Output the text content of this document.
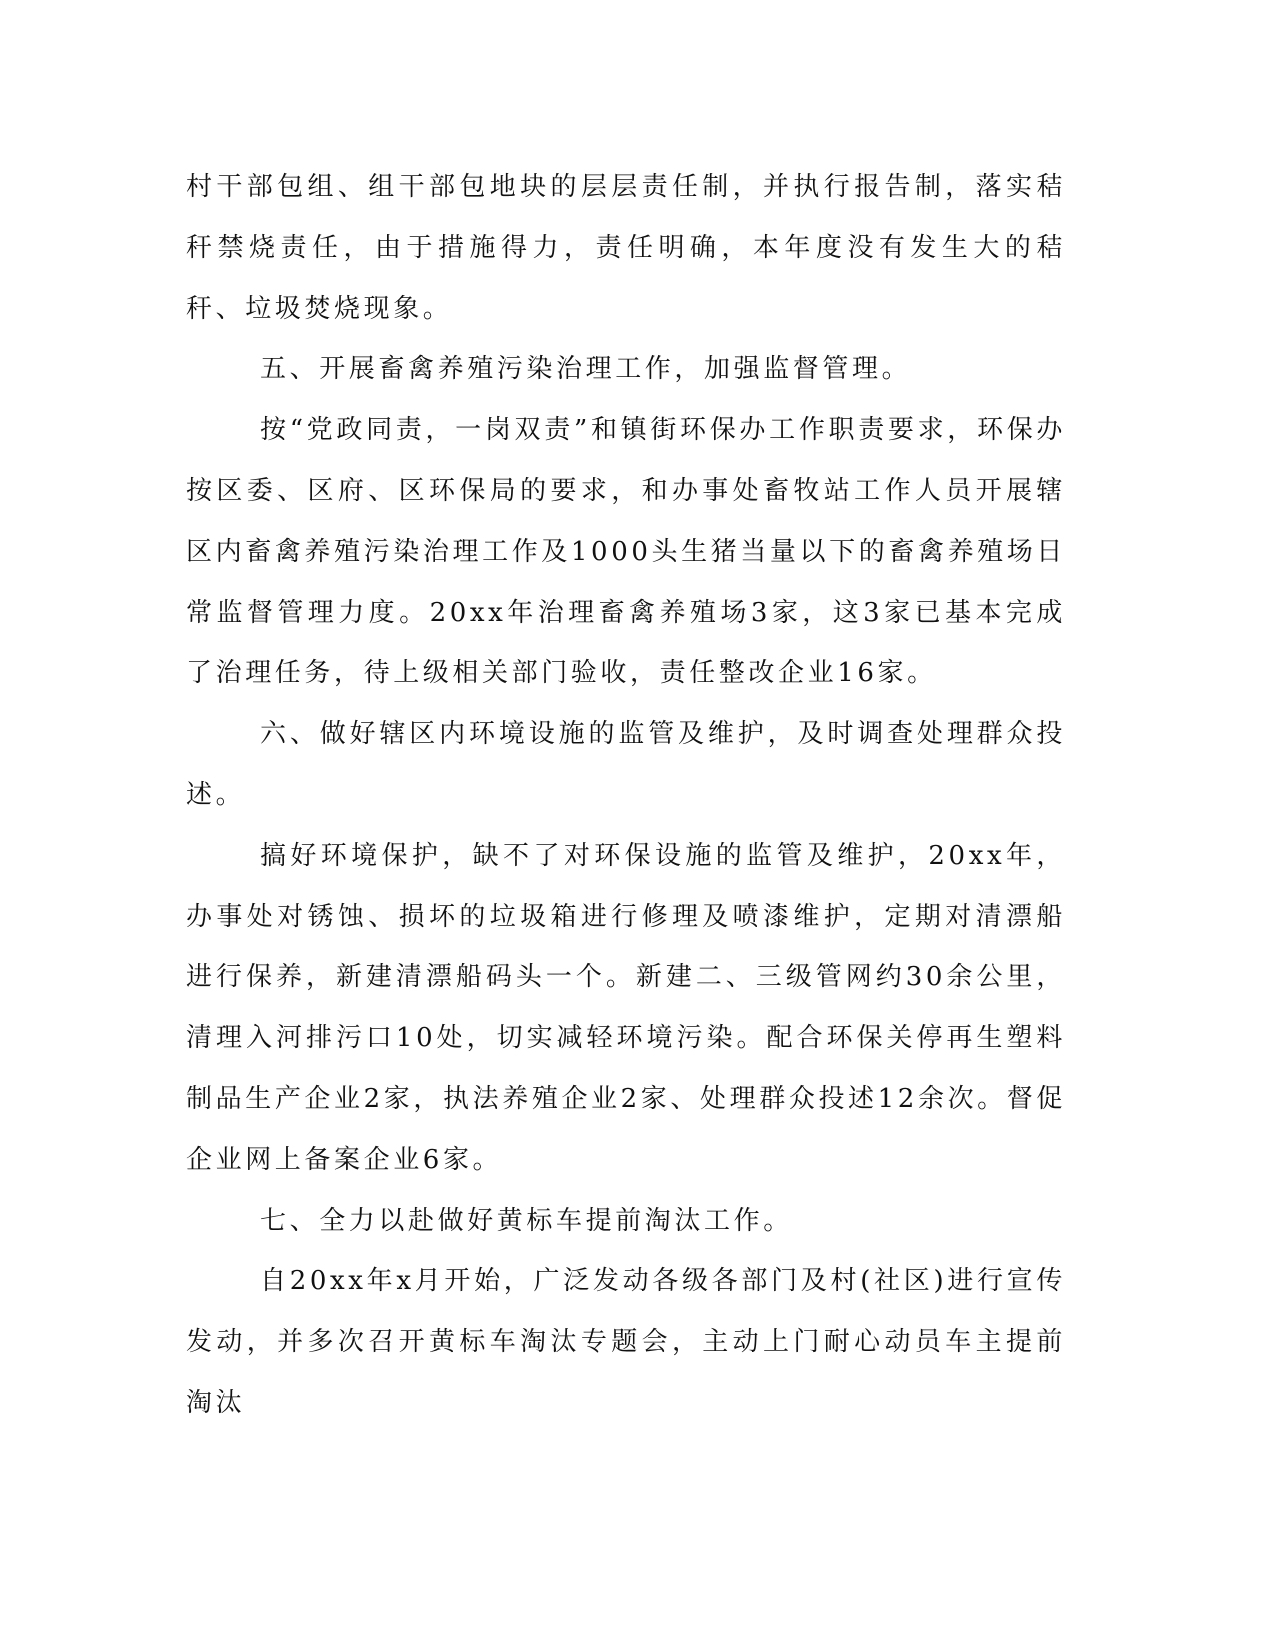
村干部包组、组干部包地块的层层责任制，并执行报告制，落实秸秆禁烧责任，由于措施得力，责任明确，本年度没有发生大的秸秆、垃圾焚烧现象。

五、开展畜禽养殖污染治理工作，加强监督管理。

按“党政同责，一岗双责”和镇街环保办工作职责要求，环保办按区委、区府、区环保局的要求，和办事处畜牧站工作人员开展辖区内畜禽养殖污染治理工作及1000头生猪当量以下的畜禽养殖场日常监督管理力度。20xx年治理畜禽养殖场3家，这3家已基本完成了治理任务，待上级相关部门验收，责任整改企业16家。

六、做好辖区内环境设施的监管及维护，及时调查处理群众投述。

搞好环境保护，缺不了对环保设施的监管及维护，20xx年，办事处对锈蚀、损坏的垃圾箱进行修理及喷漆维护，定期对清漂船进行保养，新建清漂船码头一个。新建二、三级管网约30余公里，清理入河排污口10处，切实减轻环境污染。配合环保关停再生塑料制品生产企业2家，执法养殖企业2家、处理群众投述12余次。督促企业网上备案企业6家。

七、全力以赴做好黄标车提前淘汰工作。

自20xx年x月开始，广泛发动各级各部门及村(社区)进行宣传发动，并多次召开黄标车淘汰专题会，主动上门耐心动员车主提前淘汰
